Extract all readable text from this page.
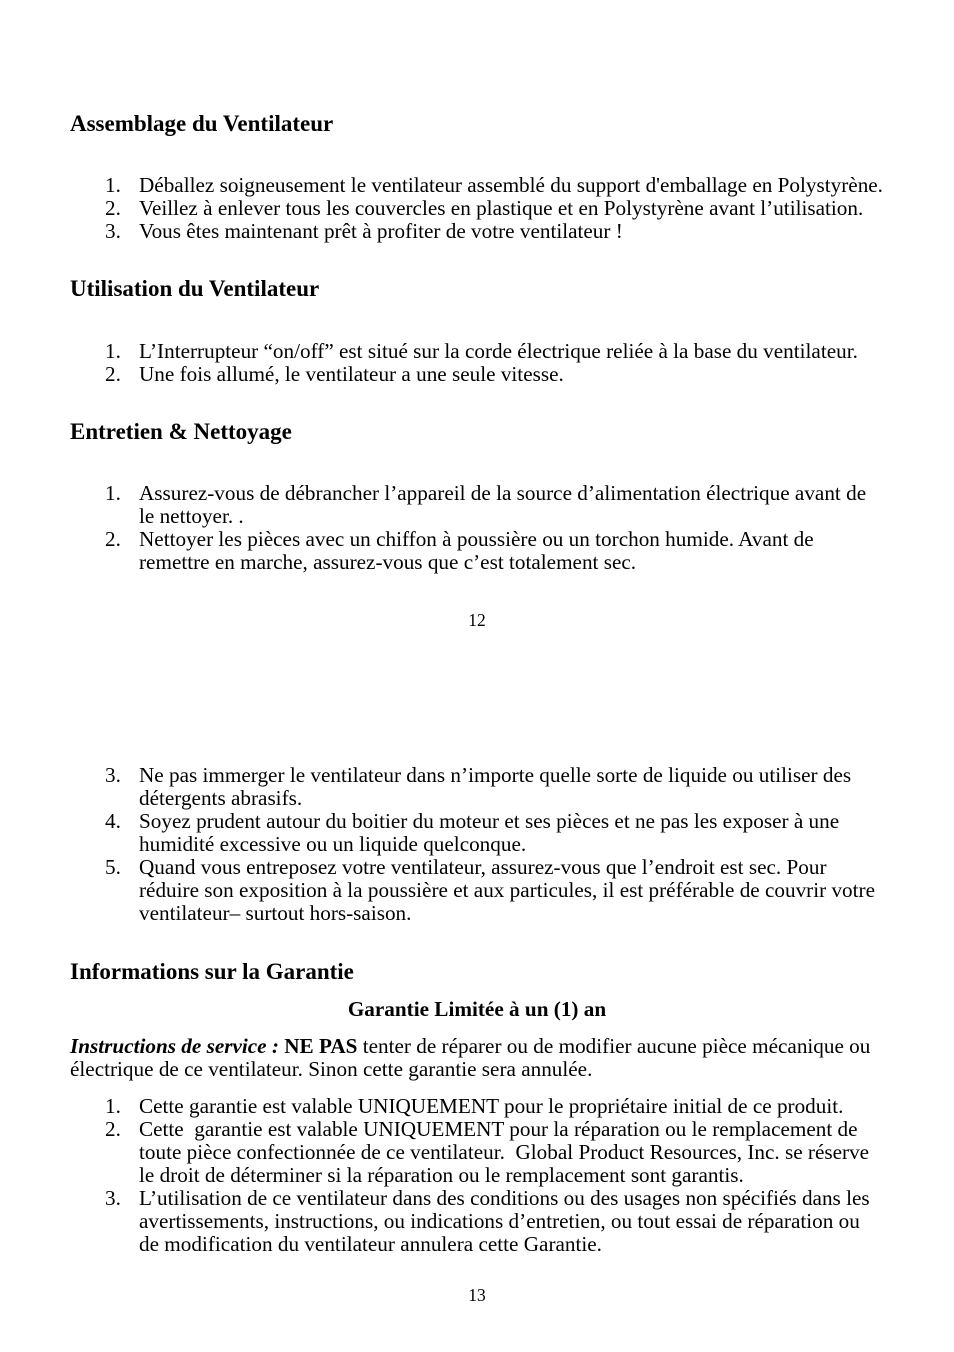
Assemblage du Ventilateur
1. Déballez soigneusement le ventilateur assemblé du support d'emballage en Polystyrène.
2. Veillez à enlever tous les couvercles en plastique et en Polystyrène avant l’utilisation.
3. Vous êtes maintenant prêt à profiter de votre ventilateur !
Utilisation du Ventilateur
1. L’Interrupteur “on/off” est situé sur la corde électrique reliée à la base du ventilateur.
2. Une fois allumé, le ventilateur a une seule vitesse.
Entretien & Nettoyage
1. Assurez-vous de débrancher l’appareil de la source d’alimentation électrique avant de
le nettoyer. .
2. Nettoyer les pièces avec un chiffon à poussière ou un torchon humide. Avant de
remettre en marche, assurez-vous que c’est totalement sec.
12
3. Ne pas immerger le ventilateur dans n’importe quelle sorte de liquide ou utiliser des
détergents abrasifs.
4. Soyez prudent autour du boitier du moteur et ses pièces et ne pas les exposer à une
humidité excessive ou un liquide quelconque.
5. Quand vous entreposez votre ventilateur, assurez-vous que l’endroit est sec. Pour
réduire son exposition à la poussière et aux particules, il est préférable de couvrir votre
ventilateur– surtout hors-saison.
Informations sur la Garantie
Garantie Limitée à un (1) an
Instructions de service : NE PAS tenter de réparer ou de modifier aucune pièce mécanique ou
électrique de ce ventilateur. Sinon cette garantie sera annulée.
1. Cette garantie est valable UNIQUEMENT pour le propriétaire initial de ce produit.
2. Cette  garantie est valable UNIQUEMENT pour la réparation ou le remplacement de
toute pièce confectionnée de ce ventilateur.  Global Product Resources, Inc. se réserve
le droit de déterminer si la réparation ou le remplacement sont garantis.
3. L’utilisation de ce ventilateur dans des conditions ou des usages non spécifiés dans les
avertissements, instructions, ou indications d’entretien, ou tout essai de réparation ou
de modification du ventilateur annulera cette Garantie.
13
